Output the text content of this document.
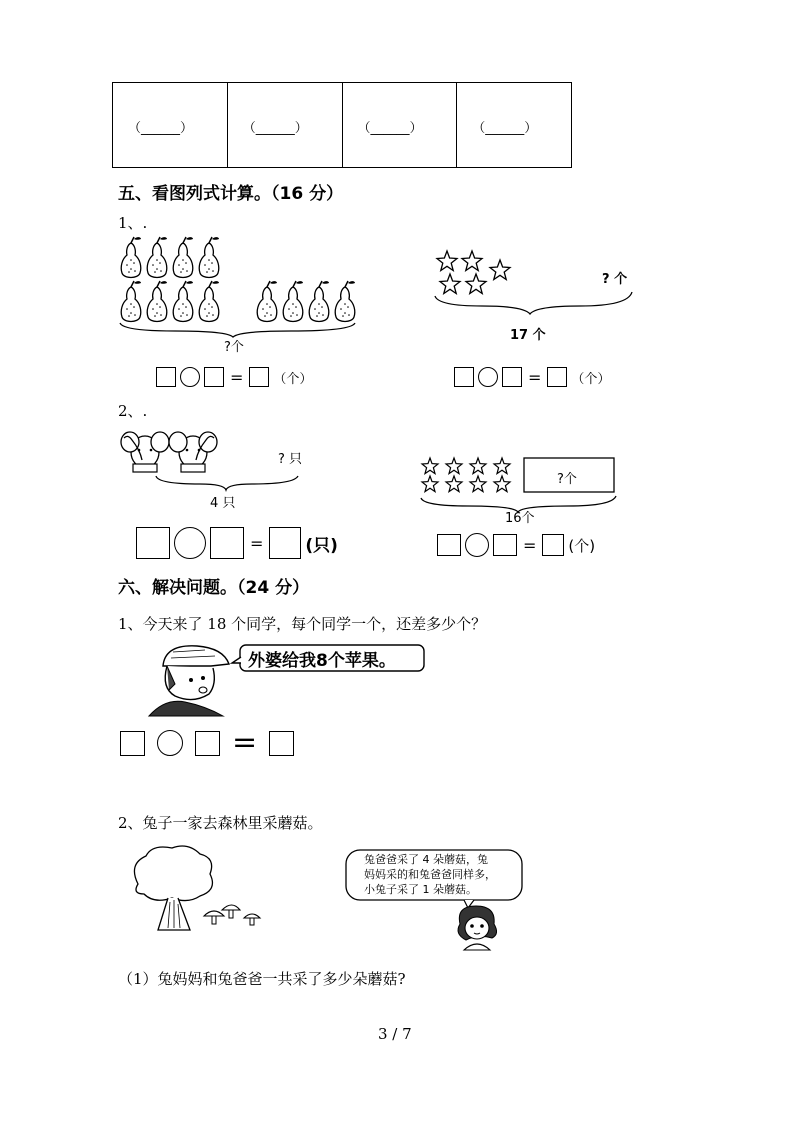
（______）	（______）	（______）	（______）
五、看图列式计算。（16 分）
1、.
?个
? 个
17 个
= （个）	= （个）
2、.
? 只
4 只
?个
16个
= (只)	= (个)
六、解决问题。（24 分）
1、今天来了 18 个同学，每个同学一个，还差多少个？
外婆给我8个苹果。
=
2、兔子一家去森林里采蘑菇。
兔爸爸采了 4 朵蘑菇，兔
妈妈采的和兔爸爸同样多，
小兔子采了 1 朵蘑菇。
（1）兔妈妈和兔爸爸一共采了多少朵蘑菇?
3 / 7
